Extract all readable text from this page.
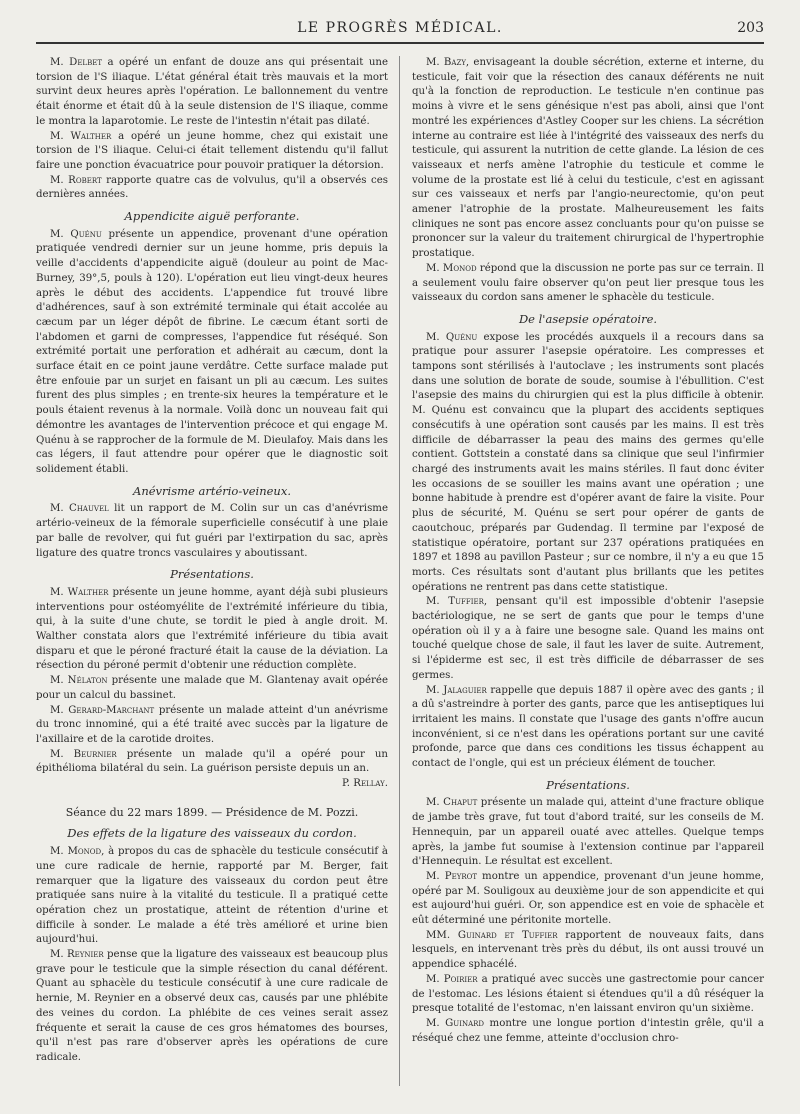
LE PROGRÈS MÉDICAL.	203

M. Delbet a opéré un enfant de douze ans qui présentait une torsion de l'S iliaque. L'état général était très mauvais et la mort survint deux heures après l'opération. Le ballonnement du ventre était énorme et était dû à la seule distension de l'S iliaque, comme le montra la laparotomie. Le reste de l'intestin n'était pas dilaté.

M. Walther a opéré un jeune homme, chez qui existait une torsion de l'S iliaque. Celui-ci était tellement distendu qu'il fallut faire une ponction évacuatrice pour pouvoir pratiquer la détorsion.

M. Robert rapporte quatre cas de volvulus, qu'il a observés ces dernières années.

Appendicite aiguë perforante.

M. Quénu présente un appendice, provenant d'une opération pratiquée vendredi dernier sur un jeune homme, pris depuis la veille d'accidents d'appendicite aiguë (douleur au point de Mac-Burney, 39°,5, pouls à 120). L'opération eut lieu vingt-deux heures après le début des accidents. L'appendice fut trouvé libre d'adhérences, sauf à son extrémité terminale qui était accolée au cæcum par un léger dépôt de fibrine. Le cæcum étant sorti de l'abdomen et garni de compresses, l'appendice fut réséqué. Son extrémité portait une perforation et adhérait au cæcum, dont la surface était en ce point jaune verdâtre. Cette surface malade put être enfouie par un surjet en faisant un pli au cæcum. Les suites furent des plus simples ; en trente-six heures la température et le pouls étaient revenus à la normale. Voilà donc un nouveau fait qui démontre les avantages de l'intervention précoce et qui engage M. Quénu à se rapprocher de la formule de M. Dieulafoy. Mais dans les cas légers, il faut attendre pour opérer que le diagnostic soit solidement établi.

Anévrisme artério-veineux.

M. Chauvel lit un rapport de M. Colin sur un cas d'anévrisme artério-veineux de la fémorale superficielle consécutif à une plaie par balle de revolver, qui fut guéri par l'extirpation du sac, après ligature des quatre troncs vasculaires y aboutissant.

Présentations.

M. Walther présente un jeune homme, ayant déjà subi plusieurs interventions pour ostéomyélite de l'extrémité inférieure du tibia, qui, à la suite d'une chute, se tordit le pied à angle droit. M. Walther constata alors que l'extrémité inférieure du tibia avait disparu et que le péroné fracturé était la cause de la déviation. La résection du péroné permit d'obtenir une réduction complète.

M. Nélaton présente une malade que M. Glantenay avait opérée pour un calcul du bassinet.

M. Gerard-Marchant présente un malade atteint d'un anévrisme du tronc innominé, qui a été traité avec succès par la ligature de l'axillaire et de la carotide droites.

M. Beurnier présente un malade qu'il a opéré pour un épithélioma bilatéral du sein. La guérison persiste depuis un an.

P. Rellay.

Séance du 22 mars 1899. — Présidence de M. Pozzi.

Des effets de la ligature des vaisseaux du cordon.

M. Monod, à propos du cas de sphacèle du testicule consécutif à une cure radicale de hernie, rapporté par M. Berger, fait remarquer que la ligature des vaisseaux du cordon peut être pratiquée sans nuire à la vitalité du testicule. Il a pratiqué cette opération chez un prostatique, atteint de rétention d'urine et difficile à sonder. Le malade a été très amélioré et urine bien aujourd'hui.

M. Reynier pense que la ligature des vaisseaux est beaucoup plus grave pour le testicule que la simple résection du canal déférent. Quant au sphacèle du testicule consécutif à une cure radicale de hernie, M. Reynier en a observé deux cas, causés par une phlébite des veines du cordon. La phlébite de ces veines serait assez fréquente et serait la cause de ces gros hématomes des bourses, qu'il n'est pas rare d'observer après les opérations de cure radicale.

M. Bazy, envisageant la double sécrétion, externe et interne, du testicule, fait voir que la résection des canaux déférents ne nuit qu'à la fonction de reproduction. Le testicule n'en continue pas moins à vivre et le sens génésique n'est pas aboli, ainsi que l'ont montré les expériences d'Astley Cooper sur les chiens. La sécrétion interne au contraire est liée à l'intégrité des vaisseaux des nerfs du testicule, qui assurent la nutrition de cette glande. La lésion de ces vaisseaux et nerfs amène l'atrophie du testicule et comme le volume de la prostate est lié à celui du testicule, c'est en agissant sur ces vaisseaux et nerfs par l'angio-neurectomie, qu'on peut amener l'atrophie de la prostate. Malheureusement les faits cliniques ne sont pas encore assez concluants pour qu'on puisse se prononcer sur la valeur du traitement chirurgical de l'hypertrophie prostatique.

M. Monod répond que la discussion ne porte pas sur ce terrain. Il a seulement voulu faire observer qu'on peut lier presque tous les vaisseaux du cordon sans amener le sphacèle du testicule.

De l'asepsie opératoire.

M. Quénu expose les procédés auxquels il a recours dans sa pratique pour assurer l'asepsie opératoire. Les compresses et tampons sont stérilisés à l'autoclave ; les instruments sont placés dans une solution de borate de soude, soumise à l'ébullition. C'est l'asepsie des mains du chirurgien qui est la plus difficile à obtenir. M. Quénu est convaincu que la plupart des accidents septiques consécutifs à une opération sont causés par les mains. Il est très difficile de débarrasser la peau des mains des germes qu'elle contient. Gottstein a constaté dans sa clinique que seul l'infirmier chargé des instruments avait les mains stériles. Il faut donc éviter les occasions de se souiller les mains avant une opération ; une bonne habitude à prendre est d'opérer avant de faire la visite. Pour plus de sécurité, M. Quénu se sert pour opérer de gants de caoutchouc, préparés par Gudendag. Il termine par l'exposé de statistique opératoire, portant sur 237 opérations pratiquées en 1897 et 1898 au pavillon Pasteur ; sur ce nombre, il n'y a eu que 15 morts. Ces résultats sont d'autant plus brillants que les petites opérations ne rentrent pas dans cette statistique.

M. Tuffier, pensant qu'il est impossible d'obtenir l'asepsie bactériologique, ne se sert de gants que pour le temps d'une opération où il y a à faire une besogne sale. Quand les mains ont touché quelque chose de sale, il faut les laver de suite. Autrement, si l'épiderme est sec, il est très difficile de débarrasser de ses germes.

M. Jalaguier rappelle que depuis 1887 il opère avec des gants ; il a dû s'astreindre à porter des gants, parce que les antiseptiques lui irritaient les mains. Il constate que l'usage des gants n'offre aucun inconvénient, si ce n'est dans les opérations portant sur une cavité profonde, parce que dans ces conditions les tissus échappent au contact de l'ongle, qui est un précieux élément de toucher.

Présentations.

M. Chaput présente un malade qui, atteint d'une fracture oblique de jambe très grave, fut tout d'abord traité, sur les conseils de M. Hennequin, par un appareil ouaté avec attelles. Quelque temps après, la jambe fut soumise à l'extension continue par l'appareil d'Hennequin. Le résultat est excellent.

M. Peyrot montre un appendice, provenant d'un jeune homme, opéré par M. Souligoux au deuxième jour de son appendicite et qui est aujourd'hui guéri. Or, son appendice est en voie de sphacèle et eût déterminé une péritonite mortelle.

MM. Guinard et Tuffier rapportent de nouveaux faits, dans lesquels, en intervenant très près du début, ils ont aussi trouvé un appendice sphacélé.

M. Poirier a pratiqué avec succès une gastrectomie pour cancer de l'estomac. Les lésions étaient si étendues qu'il a dû réséquer la presque totalité de l'estomac, n'en laissant environ qu'un sixième.

M. Guinard montre une longue portion d'intestin grêle, qu'il a réséqué chez une femme, atteinte d'occlusion chro-
